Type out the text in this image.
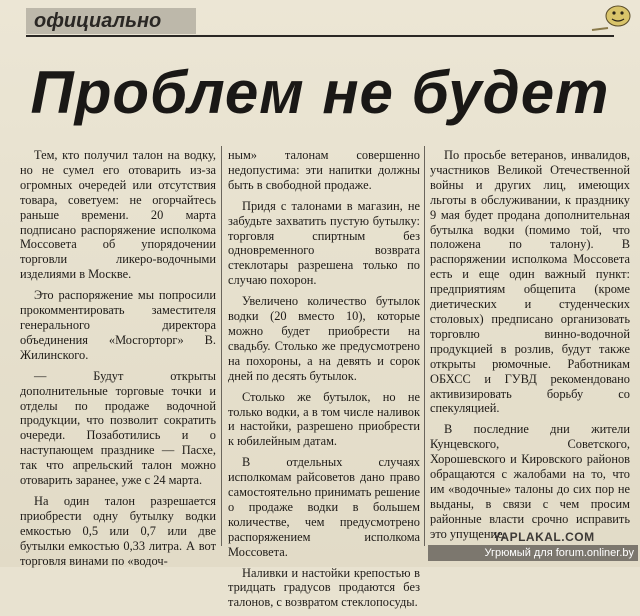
официально
Проблем не будет

Тем, кто получил талон на водку, но не сумел его отоварить из-за огромных очередей или отсутствия товара, советуем: не огорчайтесь раньше времени. 20 марта подписано распоряжение исполкома Моссовета об упорядочении торговли ликеро-водочными изделиями в Москве.

Это распоряжение мы попросили прокомментировать заместителя генерального директора объединения «Мосгорторг» В. Жилинского.

— Будут открыты дополнительные торговые точки и отделы по продаже водочной продукции, что позволит сократить очереди. Позаботились и о наступающем празднике — Пасхе, так что апрельский талон можно отоварить заранее, уже с 24 марта.

На один талон разрешается приобрести одну бутылку водки емкостью 0,5 или 0,7 или две бутылки емкостью 0,33 литра. А вот торговля винами по «водоч-

ным» талонам совершенно недопустима: эти напитки должны быть в свободной продаже.

Придя с талонами в магазин, не забудьте захватить пустую бутылку: торговля спиртным без одновременного возврата стеклотары разрешена только по случаю похорон.

Увеличено количество бутылок водки (20 вместо 10), которые можно будет приобрести на свадьбу. Столько же предусмотрено на похороны, а на девять и сорок дней по десять бутылок.

Столько же бутылок, но не только водки, а в том числе наливок и настойки, разрешено приобрести к юбилейным датам.

В отдельных случаях исполкомам райсоветов дано право самостоятельно принимать решение о продаже водки в большем количестве, чем предусмотрено распоряжением исполкома Моссовета.

Наливки и настойки крепостью в тридцать градусов продаются без талонов, с возвратом стеклопосуды.

По просьбе ветеранов, инвалидов, участников Великой Отечественной войны и других лиц, имеющих льготы в обслуживании, к празднику 9 мая будет продана дополнительная бутылка водки (помимо той, что положена по талону). В распоряжении исполкома Моссовета есть и еще один важный пункт: предприятиям общепита (кроме диетических и студенческих столовых) предписано организовать торговлю винно-водочной продукцией в розлив, будут также открыты рюмочные. Работникам ОБХСС и ГУВД рекомендовано активизировать борьбу со спекуляцией.

В последние дни жители Кунцевского, Советского, Хорошевского и Кировского районов обращаются с жалобами на то, что им «водочные» талоны до сих пор не выданы, в связи с чем просим районные власти срочно исправить это упущение.

YAPLAKAL.COM
Угрюмый для forum.onliner.by
